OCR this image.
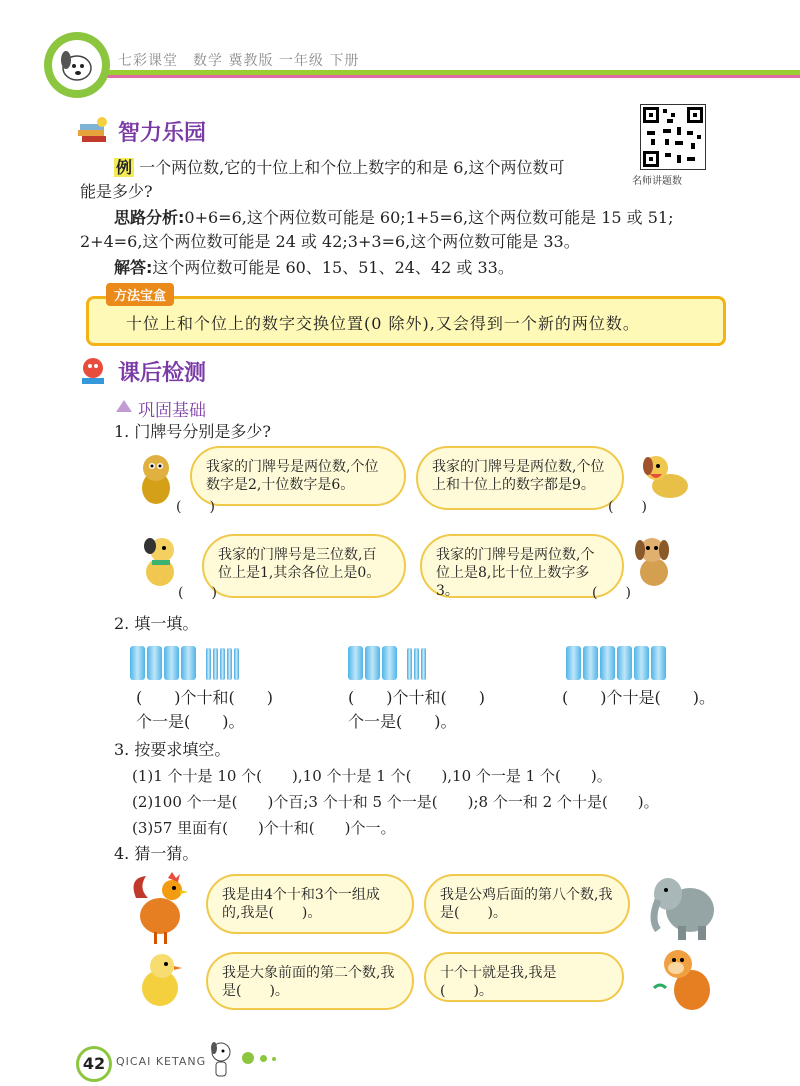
七彩课堂　数学 冀教版 一年级 下册
智力乐园
名师讲题数
例 一个两位数,它的十位上和个位上数字的和是 6,这个两位数可
能是多少?
思路分析:0+6=6,这个两位数可能是 60;1+5=6,这个两位数可能是 15 或 51;
2+4=6,这个两位数可能是 24 或 42;3+3=6,这个两位数可能是 33。
解答:这个两位数可能是 60、15、51、24、42 或 33。
方法宝盒
十位上和个位上的数字交换位置(0 除外),又会得到一个新的两位数。
课后检测
巩固基础
1. 门牌号分别是多少?
我家的门牌号是两位数,个位数字是2,十位数字是6。
(　　)
我家的门牌号是两位数,个位上和十位上的数字都是9。
(　　)
我家的门牌号是三位数,百位上是1,其余各位上是0。
(　　)
我家的门牌号是两位数,个位上是8,比十位上数字多3。	(　　)
2. 填一填。
(　　)个十和(　　)
个一是(　　)。
(　　)个十和(　　)
个一是(　　)。
(　　)个十是(　　)。
3. 按要求填空。
(1)1 个十是 10 个(　　),10 个十是 1 个(　　),10 个一是 1 个(　　)。
(2)100 个一是(　　)个百;3 个十和 5 个一是(　　);8 个一和 2 个十是(　　)。
(3)57 里面有(　　)个十和(　　)个一。
4. 猜一猜。
我是由4个十和3个一组成的,我是(　　)。
我是公鸡后面的第八个数,我是(　　)。
我是大象前面的第二个数,我是(　　)。
十个十就是我,我是(　　)。
42 QICAI KETANG
